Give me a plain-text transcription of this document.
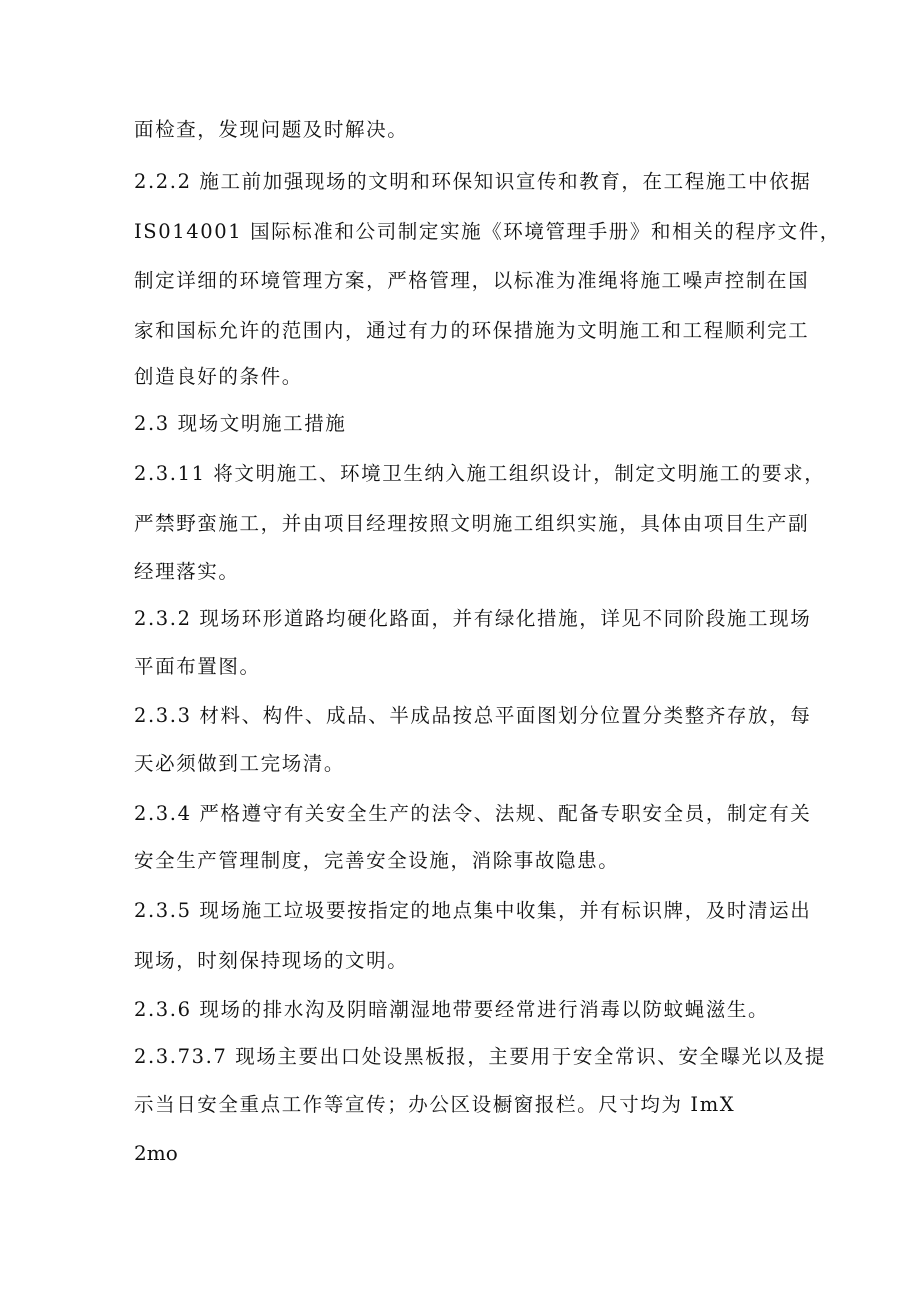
面检查，发现问题及时解决。
2.2.2 施工前加强现场的文明和环保知识宣传和教育，在工程施工中依据
IS014001 国际标准和公司制定实施《环境管理手册》和相关的程序文件，
制定详细的环境管理方案，严格管理，以标准为准绳将施工噪声控制在国
家和国标允许的范围内，通过有力的环保措施为文明施工和工程顺利完工
创造良好的条件。
2.3 现场文明施工措施
2.3.11 将文明施工、环境卫生纳入施工组织设计，制定文明施工的要求，
严禁野蛮施工，并由项目经理按照文明施工组织实施，具体由项目生产副
经理落实。
2.3.2 现场环形道路均硬化路面，并有绿化措施，详见不同阶段施工现场
平面布置图。
2.3.3 材料、构件、成品、半成品按总平面图划分位置分类整齐存放，每
天必须做到工完场清。
2.3.4 严格遵守有关安全生产的法令、法规、配备专职安全员，制定有关
安全生产管理制度，完善安全设施，消除事故隐患。
2.3.5 现场施工垃圾要按指定的地点集中收集，并有标识牌，及时清运出
现场，时刻保持现场的文明。
2.3.6 现场的排水沟及阴暗潮湿地带要经常进行消毒以防蚊蝇滋生。
2.3.73.7 现场主要出口处设黑板报，主要用于安全常识、安全曝光以及提
示当日安全重点工作等宣传；办公区设橱窗报栏。尺寸均为 ImX
2mo
